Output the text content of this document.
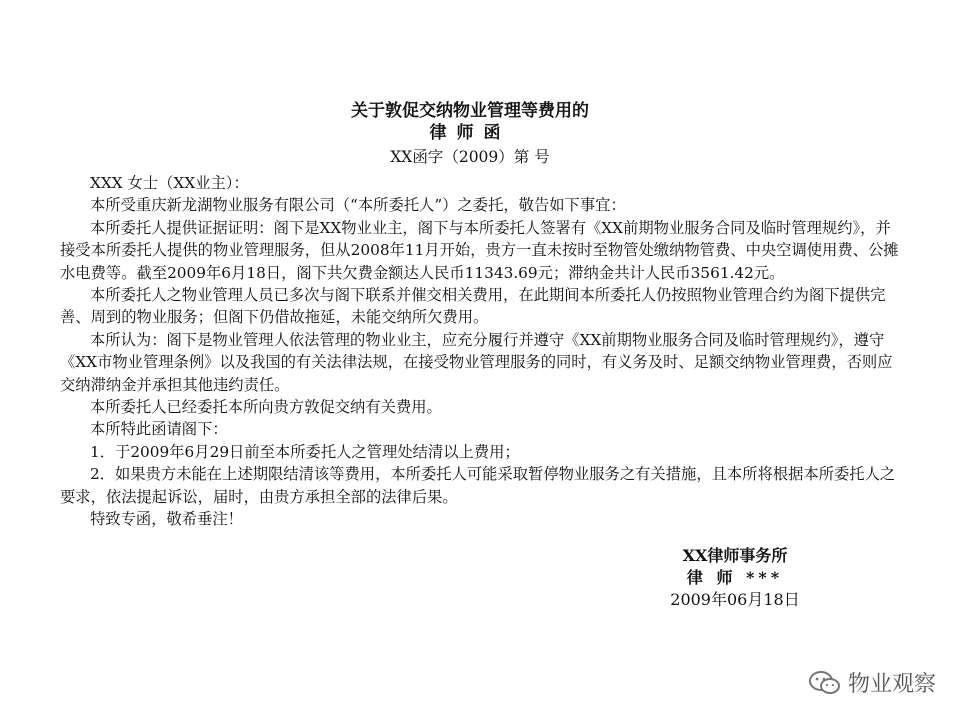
关于敦促交纳物业管理等费用的
律师函
XX函字（2009）第 号

XXX 女士（XX业主）：

本所受重庆新龙湖物业服务有限公司（“本所委托人”）之委托，敬告如下事宜：

本所委托人提供证据证明：阁下是XX物业业主，阁下与本所委托人签署有《XX前期物业服务合同及临时管理规约》，并接受本所委托人提供的物业管理服务，但从2008年11月开始，贵方一直未按时至物管处缴纳物管费、中央空调使用费、公摊水电费等。截至2009年6月18日，阁下共欠费金额达人民币11343.69元；滞纳金共计人民币3561.42元。

本所委托人之物业管理人员已多次与阁下联系并催交相关费用，在此期间本所委托人仍按照物业管理合约为阁下提供完善、周到的物业服务；但阁下仍借故拖延，未能交纳所欠费用。

本所认为：阁下是物业管理人依法管理的物业业主，应充分履行并遵守《XX前期物业服务合同及临时管理规约》，遵守《XX市物业管理条例》以及我国的有关法律法规，在接受物业管理服务的同时，有义务及时、足额交纳物业管理费，否则应交纳滞纳金并承担其他违约责任。

本所委托人已经委托本所向贵方敦促交纳有关费用。

本所特此函请阁下：

1．于2009年6月29日前至本所委托人之管理处结清以上费用；

2．如果贵方未能在上述期限结清该等费用，本所委托人可能采取暂停物业服务之有关措施，且本所将根据本所委托人之要求，依法提起诉讼，届时，由贵方承担全部的法律后果。

特致专函，敬希垂注！

XX律师事务所
律 师 ***
2009年06月18日
物业观察
